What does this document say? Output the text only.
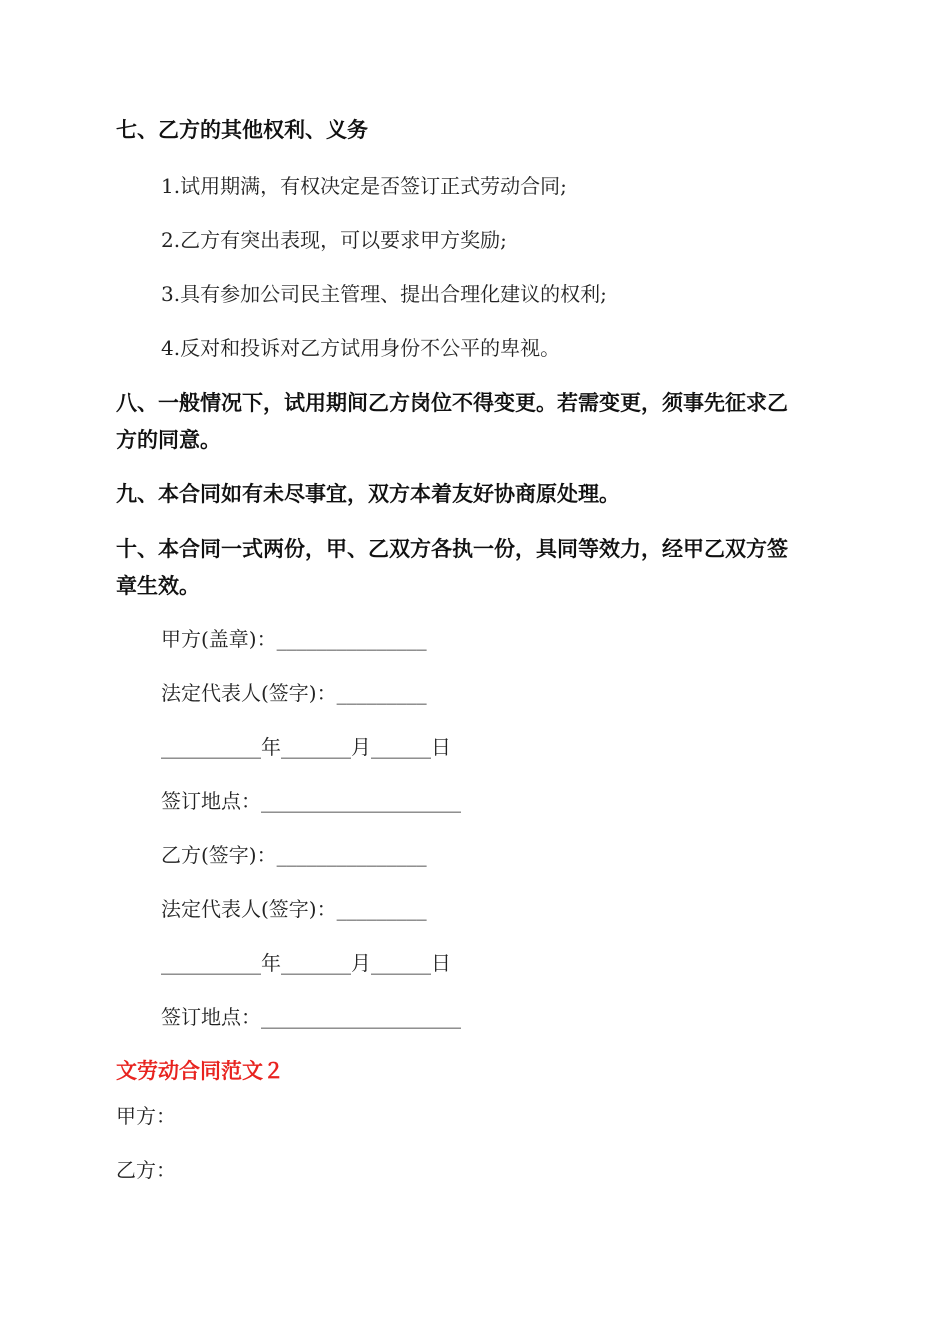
七、乙方的其他权利、义务
1.试用期满，有权决定是否签订正式劳动合同;
2.乙方有突出表现，可以要求甲方奖励;
3.具有参加公司民主管理、提出合理化建议的权利;
4.反对和投诉对乙方试用身份不公平的卑视。
八、一般情况下，试用期间乙方岗位不得变更。若需变更，须事先征求乙
方的同意。
九、本合同如有未尽事宜，双方本着友好协商原处理。
十、本合同一式两份，甲、乙双方各执一份，具同等效力，经甲乙双方签
章生效。
甲方(盖章)：_______________
法定代表人(签字)：_________
__________年_______月______日
签订地点：____________________
乙方(签字)：_______________
法定代表人(签字)：_________
__________年_______月______日
签订地点：____________________
文劳动合同范文２
甲方：
乙方：
